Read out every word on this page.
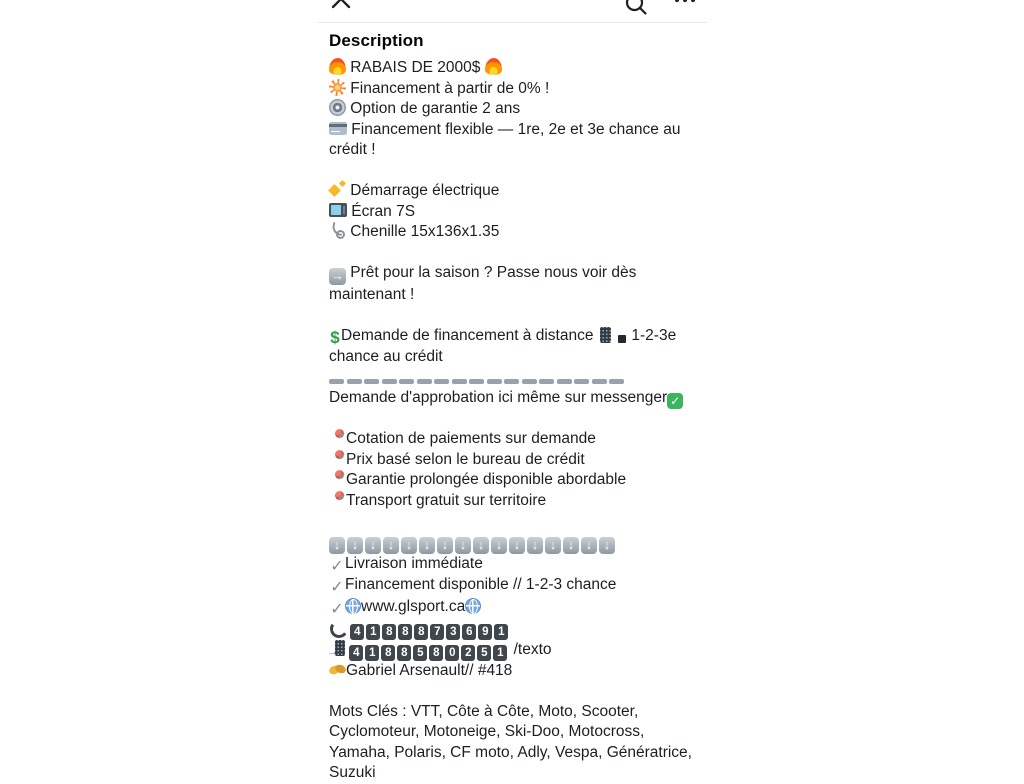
Description
RABAIS DE 2000$
Financement à partir de 0% !
Option de garantie 2 ans
Financement flexible — 1re, 2e et 3e chance au crédit !
Démarrage électrique
Écran 7S
Chenille 15x136x1.35
→ Prêt pour la saison ? Passe nous voir dès maintenant !
$Demande de financement à distance   1-2-3e chance au crédit
Demande d'approbation ici même sur messenger✓
Cotation de paiements sur demande
Prix basé selon le bureau de crédit
Garantie prolongée disponible abordable
Transport gratuit sur territoire
↓↓↓↓↓↓↓↓↓↓↓↓↓↓↓↓
✓Livraison immédiate
✓Financement disponible // 1-2-3 chance
✓www.glsport.ca
4 1 8 8 8 7 3 6 9 1
→ 4 1 8 8 5 8 0 2 5 1 /texto
Gabriel Arsenault// #418
Mots Clés : VTT, Côte à Côte, Moto, Scooter, Cyclomoteur, Motoneige, Ski-Doo, Motocross, Yamaha, Polaris, CF moto, Adly, Vespa, Génératrice, Suzuki
